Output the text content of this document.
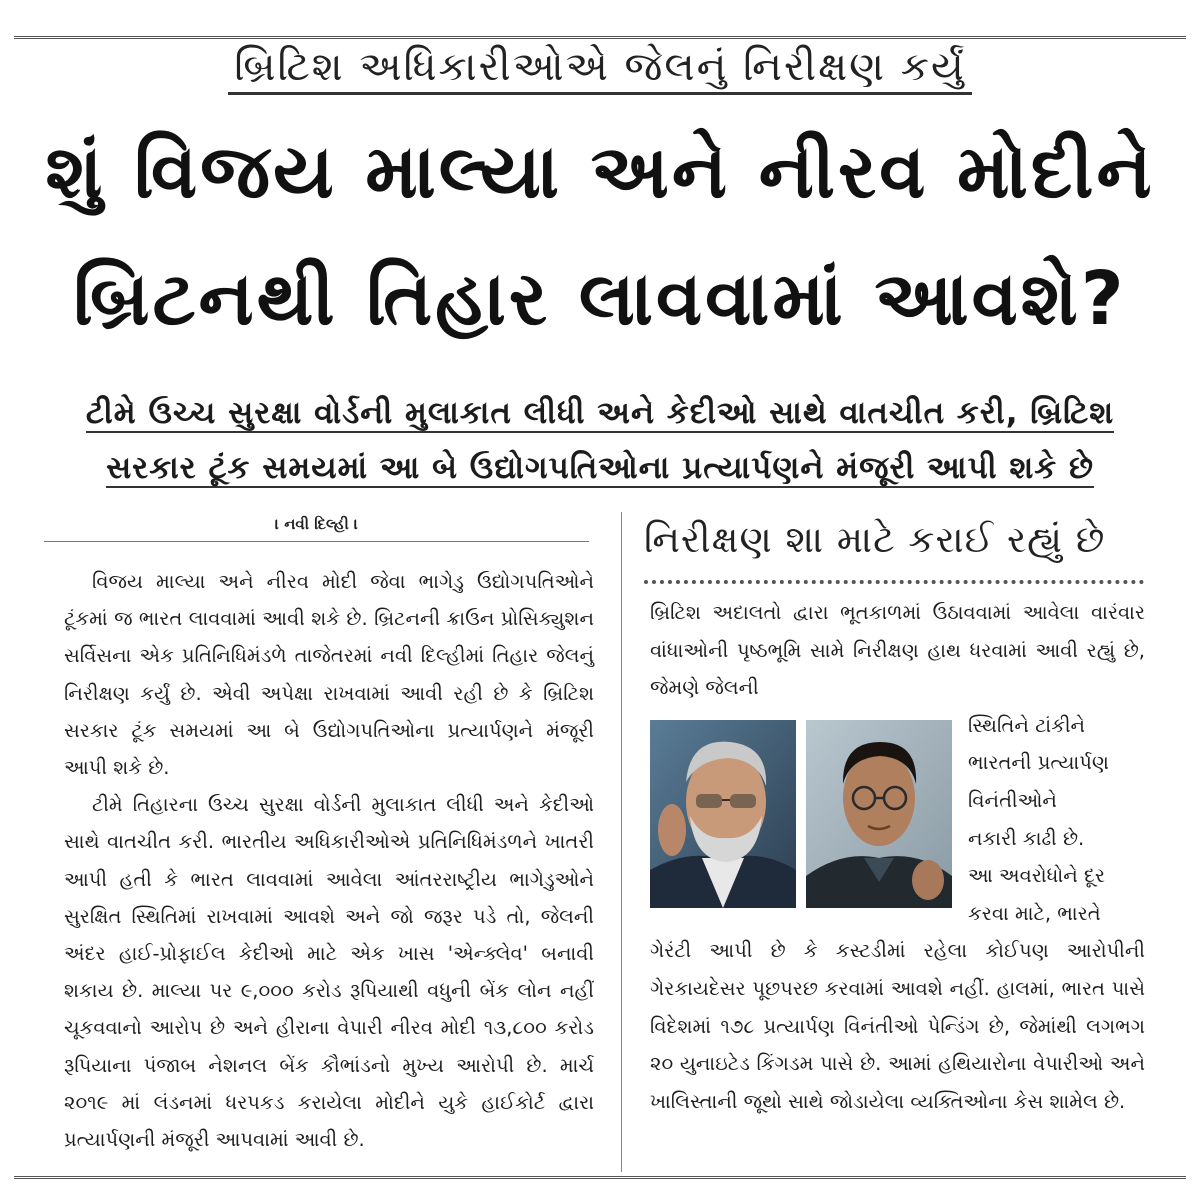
બ્રિટિશ અધિકારીઓએ જેલનું નિરીક્ષણ કર્યું
શું વિજય માલ્યા અને નીરવ મોદીને
બ્રિટનથી તિહાર લાવવામાં આવશે?
ટીમે ઉચ્ચ સુરક્ષા વોર્ડની મુલાકાત લીધી અને કેદીઓ સાથે વાતચીત કરી, બ્રિટિશ
સરકાર ટૂંક સમયમાં આ બે ઉદ્યોગપતિઓના પ્રત્યાર્પણને મંજૂરી આપી શકે છે
। નવી દિલ્હી ।

વિજય માલ્યા અને નીરવ મોદી જેવા ભાગેડુ ઉદ્યોગપતિઓને ટૂંકમાં જ ભારત લાવવામાં આવી શકે છે. બ્રિટનની ક્રાઉન પ્રોસિક્યુશન સર્વિસના એક પ્રતિનિધિમંડળે તાજેતરમાં નવી દિલ્હીમાં તિહાર જેલનું નિરીક્ષણ કર્યું છે. એવી અપેક્ષા રાખવામાં આવી રહી છે કે બ્રિટિશ સરકાર ટૂંક સમયમાં આ બે ઉદ્યોગપતિઓના પ્રત્યાર્પણને મંજૂરી આપી શકે છે.

ટીમે તિહારના ઉચ્ચ સુરક્ષા વોર્ડની મુલાકાત લીધી અને કેદીઓ સાથે વાતચીત કરી. ભારતીય અધિકારીઓએ પ્રતિનિધિમંડળને ખાતરી આપી હતી કે ભારત લાવવામાં આવેલા આંતરરાષ્ટ્રીય ભાગેડુઓને સુરક્ષિત સ્થિતિમાં રાખવામાં આવશે અને જો જરૂર પડે તો, જેલની અંદર હાઈ-પ્રોફાઈલ કેદીઓ માટે એક ખાસ 'એન્ક્લેવ' બનાવી શકાય છે. માલ્યા પર ૯,૦૦૦ કરોડ રૂપિયાથી વધુની બેંક લોન નહીં ચૂકવવાનો આરોપ છે અને હીરાના વેપારી નીરવ મોદી ૧૩,૮૦૦ કરોડ રૂપિયાના પંજાબ નેશનલ બેંક કૌભાંડનો મુખ્ય આરોપી છે. માર્ચ ૨૦૧૯ માં લંડનમાં ધરપકડ કરાયેલા મોદીને યુકે હાઈકોર્ટ દ્વારા પ્રત્યાર્પણની મંજૂરી આપવામાં આવી છે.

નિરીક્ષણ શા માટે કરાઈ રહ્યું છે

બ્રિટિશ અદાલતો દ્વારા ભૂતકાળમાં ઉઠાવવામાં આવેલા વારંવાર વાંધાઓની પૃષ્ઠભૂમિ સામે નિરીક્ષણ હાથ ધરવામાં આવી રહ્યું છે, જેમણે જેલની

સ્થિતિને ટાંકીને
ભારતની પ્રત્યાર્પણ
વિનંતીઓને
નકારી કાઢી છે.
આ અવરોધોને દૂર
કરવા માટે, ભારતે

ગેરંટી આપી છે કે કસ્ટડીમાં રહેલા કોઈપણ આરોપીની ગેરકાયદેસર પૂછપરછ કરવામાં આવશે નહીં. હાલમાં, ભારત પાસે વિદેશમાં ૧૭૮ પ્રત્યાર્પણ વિનંતીઓ પેન્ડિંગ છે, જેમાંથી લગભગ ૨૦ યુનાઇટેડ કિંગડમ પાસે છે. આમાં હથિયારોના વેપારીઓ અને ખાલિસ્તાની જૂથો સાથે જોડાયેલા વ્યક્તિઓના કેસ શામેલ છે.
